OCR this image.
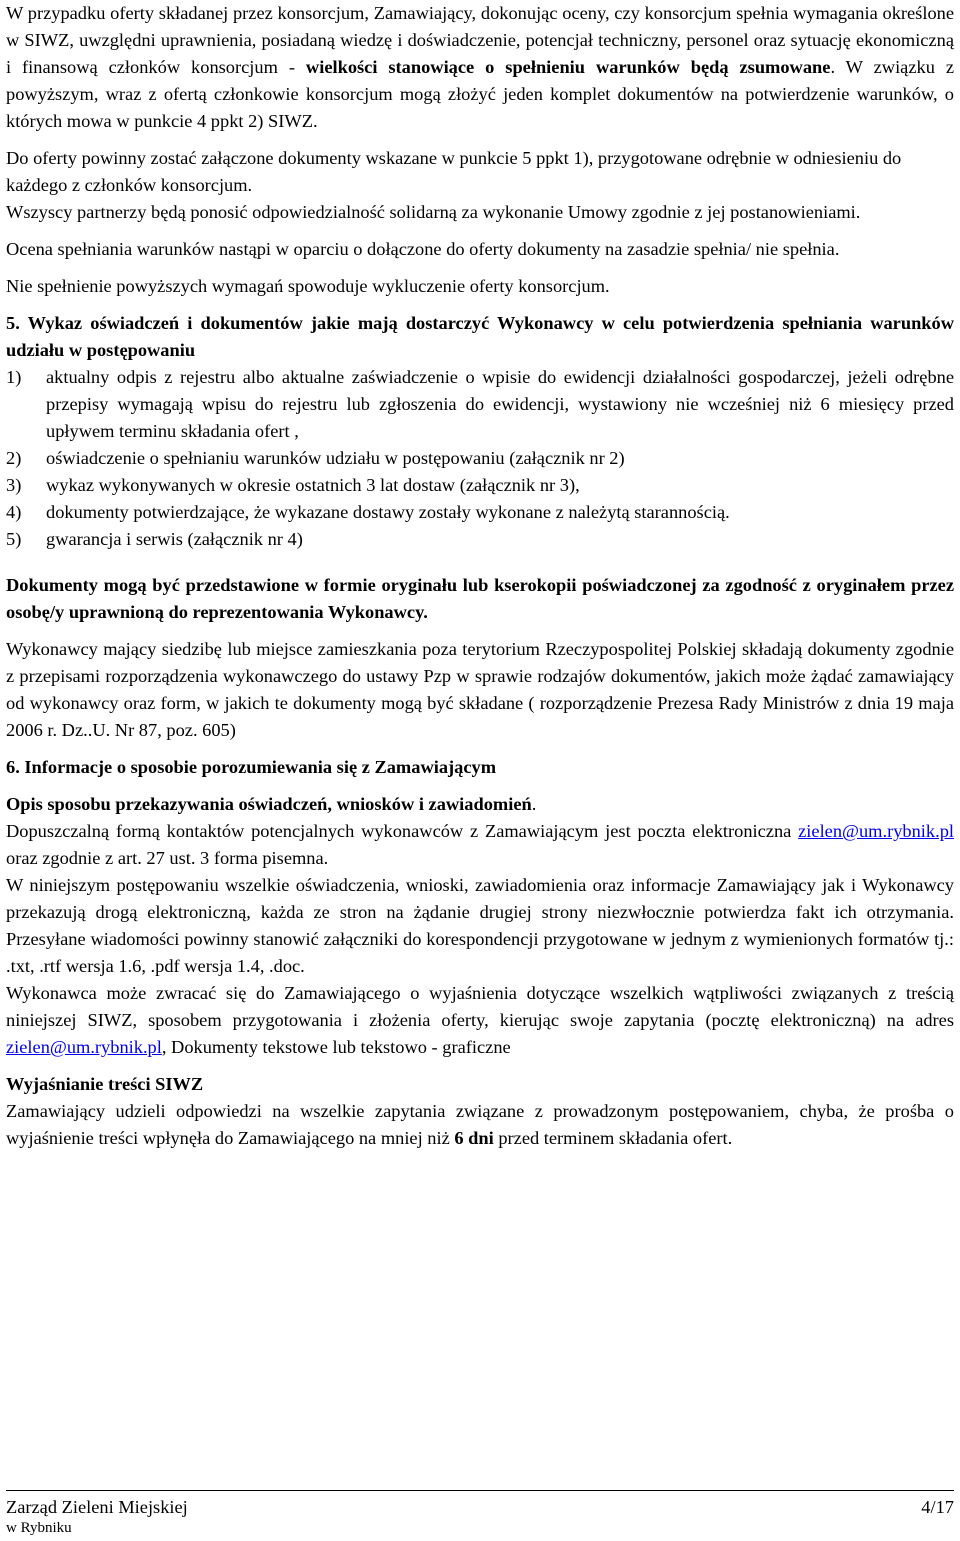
W przypadku oferty składanej przez konsorcjum, Zamawiający, dokonując oceny, czy konsorcjum spełnia wymagania określone w SIWZ, uwzględni uprawnienia, posiadaną wiedzę i doświadczenie, potencjał techniczny, personel oraz sytuację ekonomiczną i finansową członków konsorcjum - wielkości stanowiące o spełnieniu warunków będą zsumowane. W związku z powyższym, wraz z ofertą członkowie konsorcjum mogą złożyć jeden komplet dokumentów na potwierdzenie warunków, o których mowa w punkcie 4 ppkt 2) SIWZ.

Do oferty powinny zostać załączone dokumenty wskazane w punkcie 5 ppkt 1), przygotowane odrębnie w odniesieniu do każdego z członków konsorcjum.

Wszyscy partnerzy będą ponosić odpowiedzialność solidarną za wykonanie Umowy zgodnie z jej postanowieniami.

Ocena spełniania warunków nastąpi w oparciu o dołączone do oferty dokumenty na zasadzie spełnia/ nie spełnia.

Nie spełnienie powyższych wymagań spowoduje wykluczenie oferty konsorcjum.

5. Wykaz oświadczeń i dokumentów jakie mają dostarczyć Wykonawcy w celu potwierdzenia spełniania warunków udziału w postępowaniu

1)	aktualny odpis z rejestru albo aktualne zaświadczenie o wpisie do ewidencji działalności gospodarczej, jeżeli odrębne przepisy wymagają wpisu do rejestru lub zgłoszenia do ewidencji, wystawiony nie wcześniej niż 6 miesięcy przed upływem terminu składania ofert ,
2)	oświadczenie o spełnianiu warunków udziału w postępowaniu (załącznik nr 2)
3)	wykaz wykonywanych w okresie ostatnich 3 lat dostaw (załącznik nr 3),
4)	dokumenty potwierdzające, że wykazane dostawy zostały wykonane z należytą starannością.
5)	gwarancja i serwis (załącznik nr 4)

Dokumenty mogą być przedstawione w formie oryginału lub kserokopii poświadczonej za zgodność z oryginałem przez osobę/y uprawnioną do reprezentowania Wykonawcy.

Wykonawcy mający siedzibę lub miejsce zamieszkania poza terytorium Rzeczypospolitej Polskiej składają dokumenty zgodnie z przepisami rozporządzenia wykonawczego do ustawy Pzp w sprawie rodzajów dokumentów, jakich może żądać zamawiający od wykonawcy oraz form, w jakich te dokumenty mogą być składane ( rozporządzenie Prezesa Rady Ministrów z dnia 19 maja 2006 r. Dz..U. Nr 87, poz. 605)

6. Informacje o sposobie porozumiewania się z Zamawiającym

Opis sposobu przekazywania oświadczeń, wniosków i zawiadomień.

Dopuszczalną formą kontaktów potencjalnych wykonawców z Zamawiającym jest poczta elektroniczna zielen@um.rybnik.pl oraz zgodnie z art. 27 ust. 3 forma pisemna.

W niniejszym postępowaniu wszelkie oświadczenia, wnioski, zawiadomienia oraz informacje Zamawiający jak i Wykonawcy przekazują drogą elektroniczną, każda ze stron na żądanie drugiej strony niezwłocznie potwierdza fakt ich otrzymania. Przesyłane wiadomości powinny stanowić załączniki do korespondencji przygotowane w jednym z wymienionych formatów tj.: .txt, .rtf wersja 1.6, .pdf wersja 1.4, .doc.

Wykonawca może zwracać się do Zamawiającego o wyjaśnienia dotyczące wszelkich wątpliwości związanych z treścią niniejszej SIWZ, sposobem przygotowania i złożenia oferty, kierując swoje zapytania (pocztę elektroniczną) na adres zielen@um.rybnik.pl, Dokumenty tekstowe lub tekstowo - graficzne

Wyjaśnianie treści SIWZ

Zamawiający udzieli odpowiedzi na wszelkie zapytania związane z prowadzonym postępowaniem, chyba, że prośba o wyjaśnienie treści wpłynęła do Zamawiającego na mniej niż 6 dni przed terminem składania ofert.

Zarząd Zieleni Miejskiej	4/17
w Rybniku
